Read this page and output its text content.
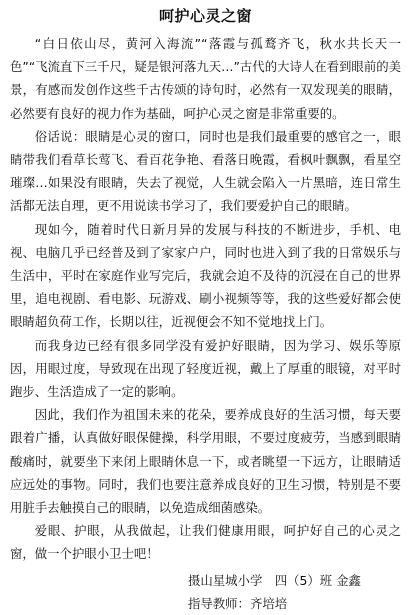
呵护心灵之窗

“白日依山尽，黄河入海流”“落霞与孤鹜齐飞，秋水共长天一色”“飞流直下三千尺，疑是银河落九天…”古代的大诗人在看到眼前的美景，有感而发创作这些千古传颂的诗句时，必然有一双发现美的眼睛，必然要有良好的视力作为基础，呵护心灵之窗是非常重要的。

俗话说：眼睛是心灵的窗口，同时也是我们最重要的感官之一，眼睛带我们看草长莺飞、看百花争艳、看落日晚霞，看枫叶飘飘，看星空璀璨…如果没有眼睛，失去了视觉，人生就会陷入一片黑暗，连日常生活都无法自理，更不用说读书学习了，我们要爱护自己的眼睛。

现如今，随着时代日新月异的发展与科技的不断进步，手机、电视、电脑几乎已经普及到了家家户户，同时也进入到了我的日常娱乐与生活中，平时在家庭作业写完后，我就会迫不及待的沉浸在自己的世界里，追电视剧、看电影、玩游戏、刷小视频等等，我的这些爱好都会使眼睛超负荷工作，长期以往，近视便会不知不觉地找上门。

而我身边已经有很多同学没有爱护好眼睛，因为学习、娱乐等原因，用眼过度，导致现在出现了轻度近视，戴上了厚重的眼镜，对平时跑步、生活造成了一定的影响。

因此，我们作为祖国未来的花朵，要养成良好的生活习惯，每天要跟着广播，认真做好眼保健操，科学用眼，不要过度疲劳，当感到眼睛酸痛时，就要坐下来闭上眼睛休息一下，或者眺望一下远方，让眼睛适应远处的事物。同时，我们也要注意养成良好的卫生习惯，特别是不要用脏手去触摸自己的眼睛，以免造成细菌感染。

爱眼、护眼，从我做起，让我们健康用眼，呵护好自己的心灵之窗，做一个护眼小卫士吧！

摄山星城小学　四（5）班 金鑫

指导教师：齐培培
